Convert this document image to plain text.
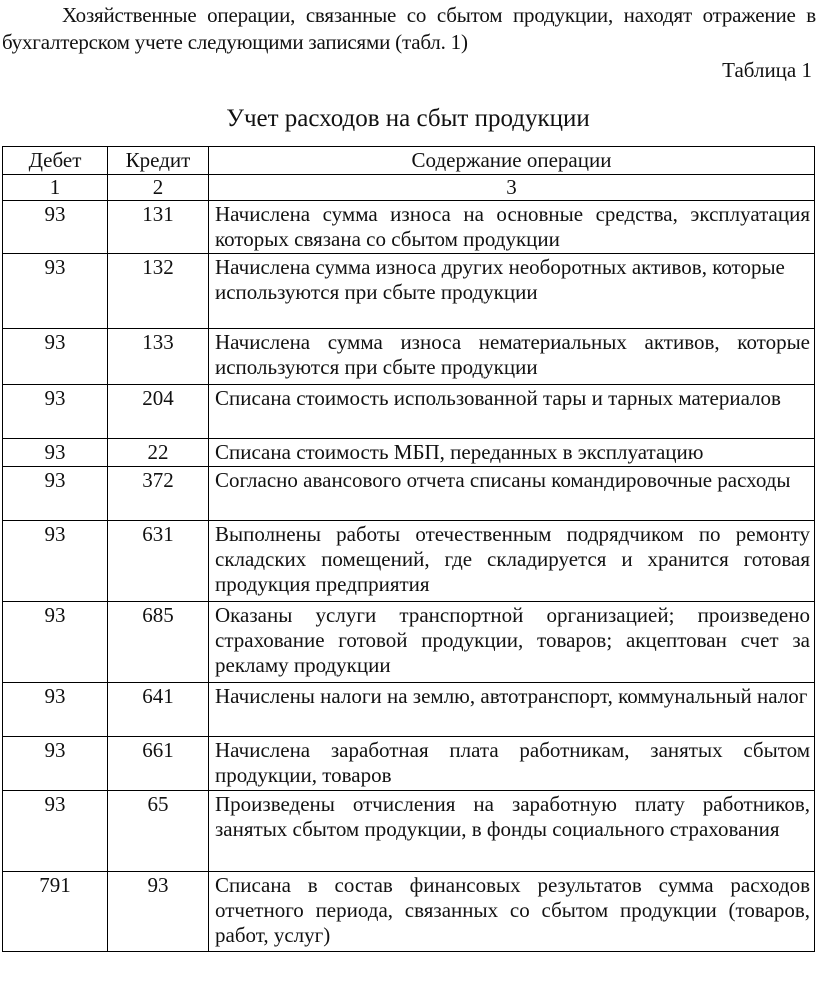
Хозяйственные операции, связанные со сбытом продукции, находят отражение в бухгалтерском учете следующими записями (табл. 1)

Таблица 1
Учет расходов на сбыт продукции
Дебет	Кредит	Содержание операции
1	2	3
93	131	Начислена сумма износа на основные средства, эксплуатация которых связана со сбытом продукции
93	132	Начислена сумма износа других необоротных активов, которые используются при сбыте продукции
93	133	Начислена сумма износа нематериальных активов, которые используются при сбыте продукции
93	204	Списана стоимость использованной тары и тарных материалов
93	22	Списана стоимость МБП, переданных в эксплуатацию
93	372	Согласно авансового отчета списаны командировочные расходы
93	631	Выполнены работы отечественным подрядчиком по ремонту складских помещений, где складируется и хранится готовая продукция предприятия
93	685	Оказаны услуги транспортной организацией; произведено страхование готовой продукции, товаров; акцептован счет за рекламу продукции
93	641	Начислены налоги на землю, автотранспорт, коммунальный налог
93	661	Начислена заработная плата работникам, занятых сбытом продукции, товаров
93	65	Произведены отчисления на заработную плату работников, занятых сбытом продукции, в фонды социального страхования
791	93	Списана в состав финансовых результатов сумма расходов отчетного периода, связанных со сбытом продукции (товаров, работ, услуг)
